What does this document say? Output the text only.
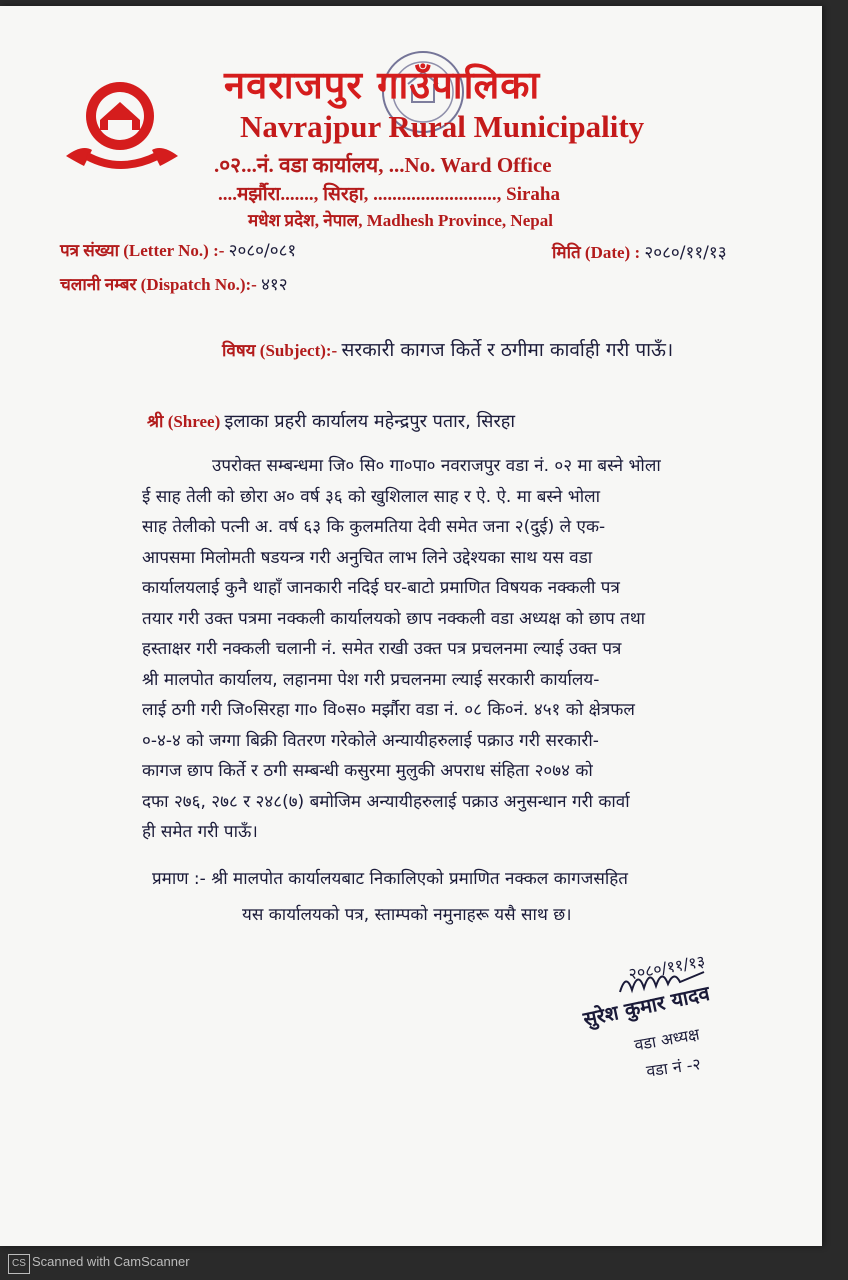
नवराजपुर गाउँपालिका
Navrajpur Rural Municipality
.०२...नं. वडा कार्यालय, ...No. Ward Office
....मर्झौरा......., सिरहा, .........................., Siraha
मधेश प्रदेश, नेपाल, Madhesh Province, Nepal
पत्र संख्या (Letter No.) :- २०८०/०८१	मिति (Date) : २०८०/११/१३
चलानी नम्बर (Dispatch No.):- ४१२
विषय (Subject):- सरकारी कागज किर्ते र ठगीमा कार्वाही गरी पाऊँ।
श्री (Shree) इलाका प्रहरी कार्यालय महेन्द्रपुर पतार, सिरहा
उपरोक्त सम्बन्धमा जि० सि० गा०पा० नवराजपुर वडा नं. ०२ मा बस्ने भोला
ई साह तेली को छोरा अ० वर्ष ३६ को खुशिलाल साह र ऐ. ऐ. मा बस्ने भोला
साह तेलीको पत्नी अ. वर्ष ६३ कि कुलमतिया देवी समेत जना २(दुई) ले एक-
आपसमा मिलोमती षडयन्त्र गरी अनुचित लाभ लिने उद्देश्यका साथ यस वडा
कार्यालयलाई कुनै थाहाँ जानकारी नदिई घर-बाटो प्रमाणित विषयक नक्कली पत्र
तयार गरी उक्त पत्रमा नक्कली कार्यालयको छाप नक्कली वडा अध्यक्ष को छाप तथा
हस्ताक्षर गरी नक्कली चलानी नं. समेत राखी उक्त पत्र प्रचलनमा ल्याई उक्त पत्र
श्री मालपोत कार्यालय, लहानमा पेश गरी प्रचलनमा ल्याई सरकारी कार्यालय-
लाई ठगी गरी जि०सिरहा गा० वि०स० मर्झौरा वडा नं. ०८ कि०नं. ४५१ को क्षेत्रफल
०-४-४ को जग्गा बिक्री वितरण गरेकोले अन्यायीहरुलाई पक्राउ गरी सरकारी-
कागज छाप किर्ते र ठगी सम्बन्धी कसुरमा मुलुकी अपराध संहिता २०७४ को
दफा २७६, २७८ र २४८(७) बमोजिम अन्यायीहरुलाई पक्राउ अनुसन्धान गरी कार्वा
ही समेत गरी पाऊँ।
प्रमाण :- श्री मालपोत कार्यालयबाट निकालिएको प्रमाणित नक्कल कागजसहित
यस कार्यालयको पत्र, स्ताम्पको नमुनाहरू यसै साथ छ।
२०८०/११/१३
सुरेश कुमार यादव
वडा अध्यक्ष
वडा नं -२
CS Scanned with CamScanner
